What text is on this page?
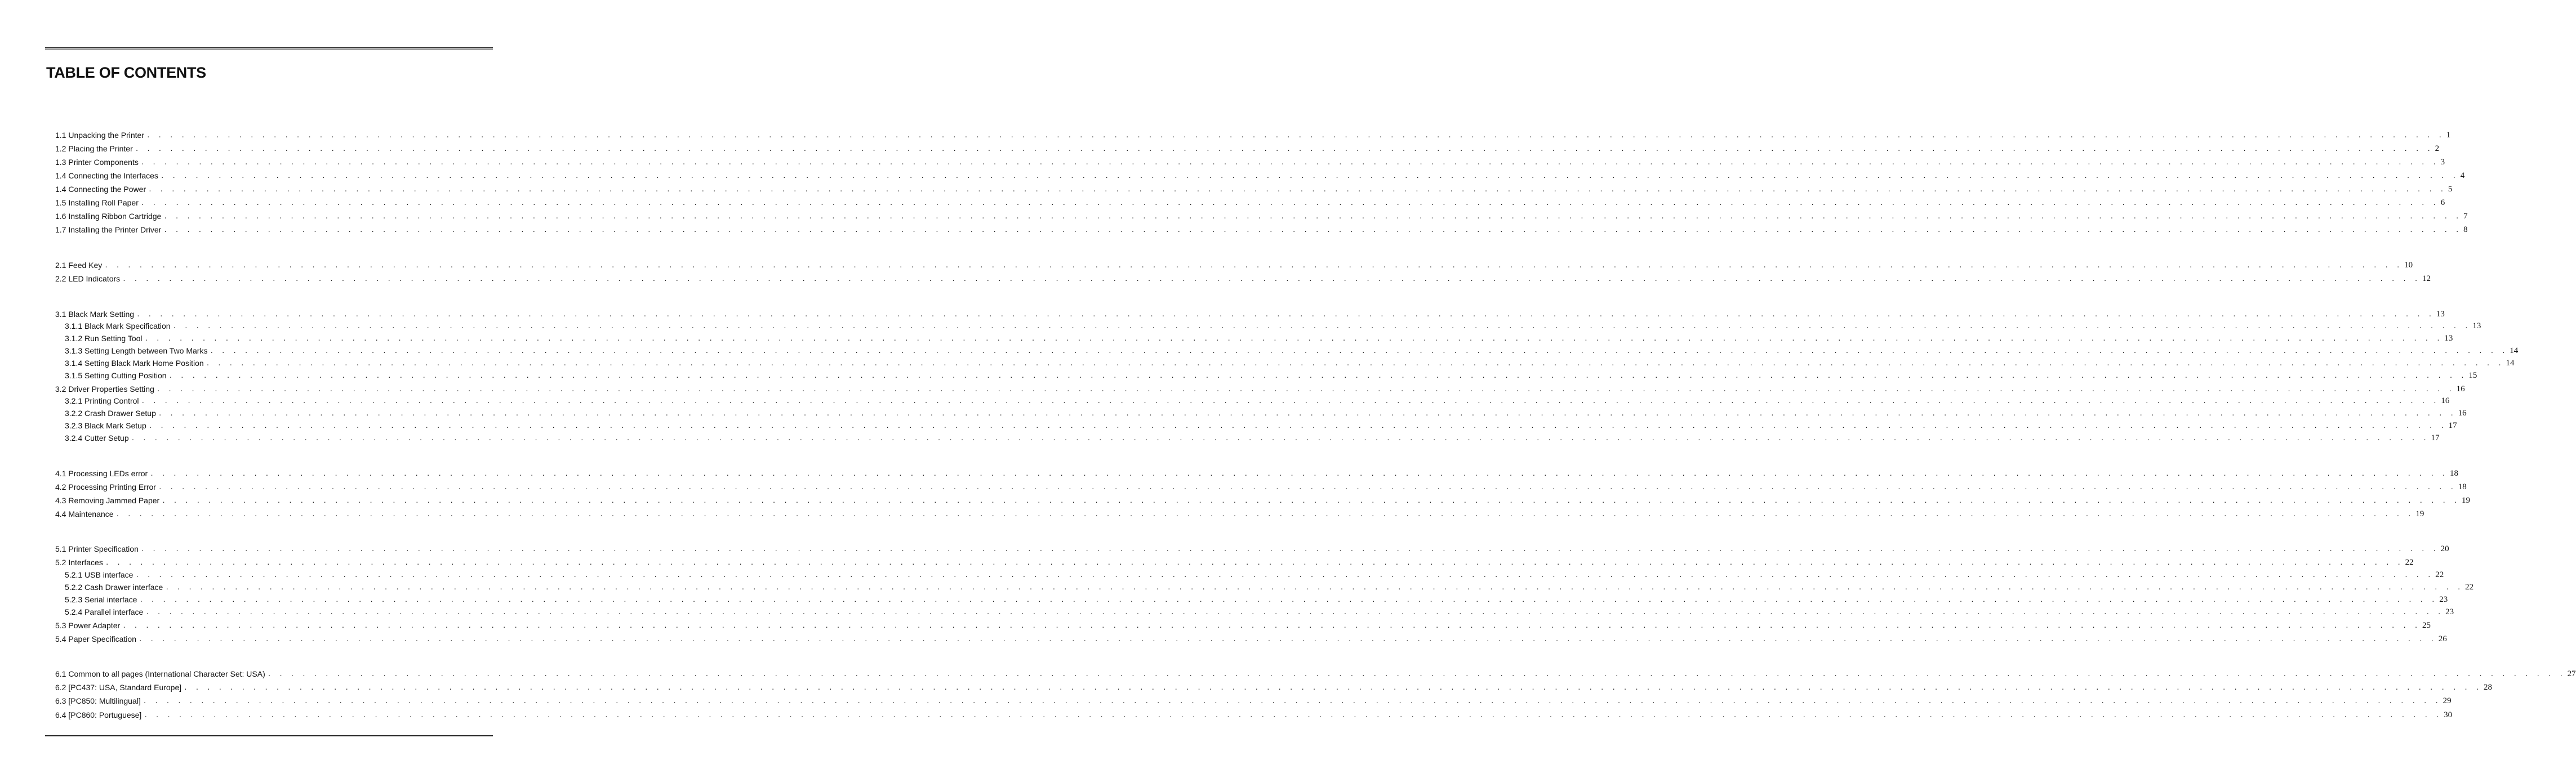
TABLE OF CONTENTS
1.1 Unpacking the Printer . . . . . . . . . . . . . . . . . . . . . . . . . . . . . . . . . . . . . . . . . . . . . . . . . . . . . . . . . . . . . . . . . . . . . . . . . . . . . . . . . . . . . . . . . . . . . . . . . . . . . . . . . . . . . . . . . . . . . . . . . . . . . . . . . . . . . . . . . . . . . . . . . . . . . . . . . . . . . . . . . . . . . . . . . . . . . . . . . . . . . . . . . . . . . . . . . . . . . . . . 1
1.2 Placing the Printer . . . . . . . . . . . . . . . . . . . . . . . . . . . . . . . . . . . . . . . . . . . . . . . . . . . . . . . . . . . . . . . . . . . . . . . . . . . . . . . . . . . . . . . . . . . . . . . . . . . . . . . . . . . . . . . . . . . . . . . . . . . . . . . . . . . . . . . . . . . . . . . . . . . . . . . . . . . . . . . . . . . . . . . . . . . . . . . . . . . . . . . . . . . . . . . . . . . . . . . . 2
1.3 Printer Components . . . . . . . . . . . . . . . . . . . . . . . . . . . . . . . . . . . . . . . . . . . . . . . . . . . . . . . . . . . . . . . . . . . . . . . . . . . . . . . . . . . . . . . . . . . . . . . . . . . . . . . . . . . . . . . . . . . . . . . . . . . . . . . . . . . . . . . . . . . . . . . . . . . . . . . . . . . . . . . . . . . . . . . . . . . . . . . . . . . . . . . . . . . . . . . . . . . . . . . . 3
1.4 Connecting the Interfaces . . . . . . . . . . . . . . . . . . . . . . . . . . . . . . . . . . . . . . . . . . . . . . . . . . . . . . . . . . . . . . . . . . . . . . . . . . . . . . . . . . . . . . . . . . . . . . . . . . . . . . . . . . . . . . . . . . . . . . . . . . . . . . . . . . . . . . . . . . . . . . . . . . . . . . . . . . . . . . . . . . . . . . . . . . . . . . . . . . . . . . . . . . . . . . . . . . . . . . . . 4
1.4 Connecting the Power . . . . . . . . . . . . . . . . . . . . . . . . . . . . . . . . . . . . . . . . . . . . . . . . . . . . . . . . . . . . . . . . . . . . . . . . . . . . . . . . . . . . . . . . . . . . . . . . . . . . . . . . . . . . . . . . . . . . . . . . . . . . . . . . . . . . . . . . . . . . . . . . . . . . . . . . . . . . . . . . . . . . . . . . . . . . . . . . . . . . . . . . . . . . . . . . . . . . . . . . 5
1.5 Installing Roll Paper . . . . . . . . . . . . . . . . . . . . . . . . . . . . . . . . . . . . . . . . . . . . . . . . . . . . . . . . . . . . . . . . . . . . . . . . . . . . . . . . . . . . . . . . . . . . . . . . . . . . . . . . . . . . . . . . . . . . . . . . . . . . . . . . . . . . . . . . . . . . . . . . . . . . . . . . . . . . . . . . . . . . . . . . . . . . . . . . . . . . . . . . . . . . . . . . . . . . . . . . 6
1.6 Installing Ribbon Cartridge . . . . . . . . . . . . . . . . . . . . . . . . . . . . . . . . . . . . . . . . . . . . . . . . . . . . . . . . . . . . . . . . . . . . . . . . . . . . . . . . . . . . . . . . . . . . . . . . . . . . . . . . . . . . . . . . . . . . . . . . . . . . . . . . . . . . . . . . . . . . . . . . . . . . . . . . . . . . . . . . . . . . . . . . . . . . . . . . . . . . . . . . . . . . . . . . . . . . . . . . 7
1.7 Installing the Printer Driver . . . . . . . . . . . . . . . . . . . . . . . . . . . . . . . . . . . . . . . . . . . . . . . . . . . . . . . . . . . . . . . . . . . . . . . . . . . . . . . . . . . . . . . . . . . . . . . . . . . . . . . . . . . . . . . . . . . . . . . . . . . . . . . . . . . . . . . . . . . . . . . . . . . . . . . . . . . . . . . . . . . . . . . . . . . . . . . . . . . . . . . . . . . . . . . . . . . . . . . . 8
2.1 Feed Key . . . . . . . . . . . . . . . . . . . . . . . . . . . . . . . . . . . . . . . . . . . . . . . . . . . . . . . . . . . . . . . . . . . . . . . . . . . . . . . . . . . . . . . . . . . . . . . . . . . . . . . . . . . . . . . . . . . . . . . . . . . . . . . . . . . . . . . . . . . . . . . . . . . . . . . . . . . . . . . . . . . . . . . . . . . . . . . . . . . . . . . . . . . . . . . . . . . . . . . . 10
2.2 LED Indicators . . . . . . . . . . . . . . . . . . . . . . . . . . . . . . . . . . . . . . . . . . . . . . . . . . . . . . . . . . . . . . . . . . . . . . . . . . . . . . . . . . . . . . . . . . . . . . . . . . . . . . . . . . . . . . . . . . . . . . . . . . . . . . . . . . . . . . . . . . . . . . . . . . . . . . . . . . . . . . . . . . . . . . . . . . . . . . . . . . . . . . . . . . . . . . . . . . . . . . . . 12
3.1 Black Mark Setting . . . . . . . . . . . . . . . . . . . . . . . . . . . . . . . . . . . . . . . . . . . . . . . . . . . . . . . . . . . . . . . . . . . . . . . . . . . . . . . . . . . . . . . . . . . . . . . . . . . . . . . . . . . . . . . . . . . . . . . . . . . . . . . . . . . . . . . . . . . . . . . . . . . . . . . . . . . . . . . . . . . . . . . . . . . . . . . . . . . . . . . . . . . . . . . . . . . . . . . . 13
3.1.1 Black Mark Specification . . . . . . . . . . . . . . . . . . . . . . . . . . . . . . . . . . . . . . . . . . . . . . . . . . . . . . . . . . . . . . . . . . . . . . . . . . . . . . . . . . . . . . . . . . . . . . . . . . . . . . . . . . . . . . . . . . . . . . . . . . . . . . . . . . . . . . . . . . . . . . . . . . . . . . . . . . . . . . . . . . . . . . . . . . . . . . . . . . . . . . . . . . . . . . . . . . . . . . . . 13
3.1.2 Run Setting Tool . . . . . . . . . . . . . . . . . . . . . . . . . . . . . . . . . . . . . . . . . . . . . . . . . . . . . . . . . . . . . . . . . . . . . . . . . . . . . . . . . . . . . . . . . . . . . . . . . . . . . . . . . . . . . . . . . . . . . . . . . . . . . . . . . . . . . . . . . . . . . . . . . . . . . . . . . . . . . . . . . . . . . . . . . . . . . . . . . . . . . . . . . . . . . . . . . . . . . . . . 13
3.1.3 Setting Length between Two Marks . . . . . . . . . . . . . . . . . . . . . . . . . . . . . . . . . . . . . . . . . . . . . . . . . . . . . . . . . . . . . . . . . . . . . . . . . . . . . . . . . . . . . . . . . . . . . . . . . . . . . . . . . . . . . . . . . . . . . . . . . . . . . . . . . . . . . . . . . . . . . . . . . . . . . . . . . . . . . . . . . . . . . . . . . . . . . . . . . . . . . . . . . . . . . . . . . . . . . . . . 14
3.1.4 Setting Black Mark Home Position . . . . . . . . . . . . . . . . . . . . . . . . . . . . . . . . . . . . . . . . . . . . . . . . . . . . . . . . . . . . . . . . . . . . . . . . . . . . . . . . . . . . . . . . . . . . . . . . . . . . . . . . . . . . . . . . . . . . . . . . . . . . . . . . . . . . . . . . . . . . . . . . . . . . . . . . . . . . . . . . . . . . . . . . . . . . . . . . . . . . . . . . . . . . . . . . . . . . . . . . 14
3.1.5 Setting Cutting Position . . . . . . . . . . . . . . . . . . . . . . . . . . . . . . . . . . . . . . . . . . . . . . . . . . . . . . . . . . . . . . . . . . . . . . . . . . . . . . . . . . . . . . . . . . . . . . . . . . . . . . . . . . . . . . . . . . . . . . . . . . . . . . . . . . . . . . . . . . . . . . . . . . . . . . . . . . . . . . . . . . . . . . . . . . . . . . . . . . . . . . . . . . . . . . . . . . . . . . . . 15
3.2 Driver Properties Setting . . . . . . . . . . . . . . . . . . . . . . . . . . . . . . . . . . . . . . . . . . . . . . . . . . . . . . . . . . . . . . . . . . . . . . . . . . . . . . . . . . . . . . . . . . . . . . . . . . . . . . . . . . . . . . . . . . . . . . . . . . . . . . . . . . . . . . . . . . . . . . . . . . . . . . . . . . . . . . . . . . . . . . . . . . . . . . . . . . . . . . . . . . . . . . . . . . . . . . . . 16
3.2.1 Printing Control . . . . . . . . . . . . . . . . . . . . . . . . . . . . . . . . . . . . . . . . . . . . . . . . . . . . . . . . . . . . . . . . . . . . . . . . . . . . . . . . . . . . . . . . . . . . . . . . . . . . . . . . . . . . . . . . . . . . . . . . . . . . . . . . . . . . . . . . . . . . . . . . . . . . . . . . . . . . . . . . . . . . . . . . . . . . . . . . . . . . . . . . . . . . . . . . . . . . . . . . 16
3.2.2 Crash Drawer Setup . . . . . . . . . . . . . . . . . . . . . . . . . . . . . . . . . . . . . . . . . . . . . . . . . . . . . . . . . . . . . . . . . . . . . . . . . . . . . . . . . . . . . . . . . . . . . . . . . . . . . . . . . . . . . . . . . . . . . . . . . . . . . . . . . . . . . . . . . . . . . . . . . . . . . . . . . . . . . . . . . . . . . . . . . . . . . . . . . . . . . . . . . . . . . . . . . . . . . . . . 16
3.2.3 Black Mark Setup . . . . . . . . . . . . . . . . . . . . . . . . . . . . . . . . . . . . . . . . . . . . . . . . . . . . . . . . . . . . . . . . . . . . . . . . . . . . . . . . . . . . . . . . . . . . . . . . . . . . . . . . . . . . . . . . . . . . . . . . . . . . . . . . . . . . . . . . . . . . . . . . . . . . . . . . . . . . . . . . . . . . . . . . . . . . . . . . . . . . . . . . . . . . . . . . . . . . . . . . 17
3.2.4 Cutter Setup . . . . . . . . . . . . . . . . . . . . . . . . . . . . . . . . . . . . . . . . . . . . . . . . . . . . . . . . . . . . . . . . . . . . . . . . . . . . . . . . . . . . . . . . . . . . . . . . . . . . . . . . . . . . . . . . . . . . . . . . . . . . . . . . . . . . . . . . . . . . . . . . . . . . . . . . . . . . . . . . . . . . . . . . . . . . . . . . . . . . . . . . . . . . . . . . . . . . . . . . 17
4.1 Processing LEDs error . . . . . . . . . . . . . . . . . . . . . . . . . . . . . . . . . . . . . . . . . . . . . . . . . . . . . . . . . . . . . . . . . . . . . . . . . . . . . . . . . . . . . . . . . . . . . . . . . . . . . . . . . . . . . . . . . . . . . . . . . . . . . . . . . . . . . . . . . . . . . . . . . . . . . . . . . . . . . . . . . . . . . . . . . . . . . . . . . . . . . . . . . . . . . . . . . . . . . . . . 18
4.2 Processing Printing Error . . . . . . . . . . . . . . . . . . . . . . . . . . . . . . . . . . . . . . . . . . . . . . . . . . . . . . . . . . . . . . . . . . . . . . . . . . . . . . . . . . . . . . . . . . . . . . . . . . . . . . . . . . . . . . . . . . . . . . . . . . . . . . . . . . . . . . . . . . . . . . . . . . . . . . . . . . . . . . . . . . . . . . . . . . . . . . . . . . . . . . . . . . . . . . . . . . . . . . . . 18
4.3 Removing Jammed Paper . . . . . . . . . . . . . . . . . . . . . . . . . . . . . . . . . . . . . . . . . . . . . . . . . . . . . . . . . . . . . . . . . . . . . . . . . . . . . . . . . . . . . . . . . . . . . . . . . . . . . . . . . . . . . . . . . . . . . . . . . . . . . . . . . . . . . . . . . . . . . . . . . . . . . . . . . . . . . . . . . . . . . . . . . . . . . . . . . . . . . . . . . . . . . . . . . . . . . . . . 19
4.4 Maintenance . . . . . . . . . . . . . . . . . . . . . . . . . . . . . . . . . . . . . . . . . . . . . . . . . . . . . . . . . . . . . . . . . . . . . . . . . . . . . . . . . . . . . . . . . . . . . . . . . . . . . . . . . . . . . . . . . . . . . . . . . . . . . . . . . . . . . . . . . . . . . . . . . . . . . . . . . . . . . . . . . . . . . . . . . . . . . . . . . . . . . . . . . . . . . . . . . . . . . . . . 19
5.1 Printer Specification . . . . . . . . . . . . . . . . . . . . . . . . . . . . . . . . . . . . . . . . . . . . . . . . . . . . . . . . . . . . . . . . . . . . . . . . . . . . . . . . . . . . . . . . . . . . . . . . . . . . . . . . . . . . . . . . . . . . . . . . . . . . . . . . . . . . . . . . . . . . . . . . . . . . . . . . . . . . . . . . . . . . . . . . . . . . . . . . . . . . . . . . . . . . . . . . . . . . . . . . 20
5.2 Interfaces . . . . . . . . . . . . . . . . . . . . . . . . . . . . . . . . . . . . . . . . . . . . . . . . . . . . . . . . . . . . . . . . . . . . . . . . . . . . . . . . . . . . . . . . . . . . . . . . . . . . . . . . . . . . . . . . . . . . . . . . . . . . . . . . . . . . . . . . . . . . . . . . . . . . . . . . . . . . . . . . . . . . . . . . . . . . . . . . . . . . . . . . . . . . . . . . . . . . . . . . 22
5.2.1 USB interface . . . . . . . . . . . . . . . . . . . . . . . . . . . . . . . . . . . . . . . . . . . . . . . . . . . . . . . . . . . . . . . . . . . . . . . . . . . . . . . . . . . . . . . . . . . . . . . . . . . . . . . . . . . . . . . . . . . . . . . . . . . . . . . . . . . . . . . . . . . . . . . . . . . . . . . . . . . . . . . . . . . . . . . . . . . . . . . . . . . . . . . . . . . . . . . . . . . . . . . . 22
5.2.2 Cash Drawer interface . . . . . . . . . . . . . . . . . . . . . . . . . . . . . . . . . . . . . . . . . . . . . . . . . . . . . . . . . . . . . . . . . . . . . . . . . . . . . . . . . . . . . . . . . . . . . . . . . . . . . . . . . . . . . . . . . . . . . . . . . . . . . . . . . . . . . . . . . . . . . . . . . . . . . . . . . . . . . . . . . . . . . . . . . . . . . . . . . . . . . . . . . . . . . . . . . . . . . . . . 22
5.2.3 Serial interface . . . . . . . . . . . . . . . . . . . . . . . . . . . . . . . . . . . . . . . . . . . . . . . . . . . . . . . . . . . . . . . . . . . . . . . . . . . . . . . . . . . . . . . . . . . . . . . . . . . . . . . . . . . . . . . . . . . . . . . . . . . . . . . . . . . . . . . . . . . . . . . . . . . . . . . . . . . . . . . . . . . . . . . . . . . . . . . . . . . . . . . . . . . . . . . . . . . . . . . . 23
5.2.4 Parallel interface . . . . . . . . . . . . . . . . . . . . . . . . . . . . . . . . . . . . . . . . . . . . . . . . . . . . . . . . . . . . . . . . . . . . . . . . . . . . . . . . . . . . . . . . . . . . . . . . . . . . . . . . . . . . . . . . . . . . . . . . . . . . . . . . . . . . . . . . . . . . . . . . . . . . . . . . . . . . . . . . . . . . . . . . . . . . . . . . . . . . . . . . . . . . . . . . . . . . . . . . 23
5.3 Power Adapter . . . . . . . . . . . . . . . . . . . . . . . . . . . . . . . . . . . . . . . . . . . . . . . . . . . . . . . . . . . . . . . . . . . . . . . . . . . . . . . . . . . . . . . . . . . . . . . . . . . . . . . . . . . . . . . . . . . . . . . . . . . . . . . . . . . . . . . . . . . . . . . . . . . . . . . . . . . . . . . . . . . . . . . . . . . . . . . . . . . . . . . . . . . . . . . . . . . . . . . . 25
5.4 Paper Specification . . . . . . . . . . . . . . . . . . . . . . . . . . . . . . . . . . . . . . . . . . . . . . . . . . . . . . . . . . . . . . . . . . . . . . . . . . . . . . . . . . . . . . . . . . . . . . . . . . . . . . . . . . . . . . . . . . . . . . . . . . . . . . . . . . . . . . . . . . . . . . . . . . . . . . . . . . . . . . . . . . . . . . . . . . . . . . . . . . . . . . . . . . . . . . . . . . . . . . . . 26
6.1 Common to all pages (International Character Set: USA) . . . . . . . . . . . . . . . . . . . . . . . . . . . . . . . . . . . . . . . . . . . . . . . . . . . . . . . . . . . . . . . . . . . . . . . . . . . . . . . . . . . . . . . . . . . . . . . . . . . . . . . . . . . . . . . . . . . . . . . . . . . . . . . . . . . . . . . . . . . . . . . . . . . . . . . . . . . . . . . . . . . . . . . . . . . . . . . . . . . . . . . . . . . . . . . . . . . . . . . . 27
6.2 [PC437: USA, Standard Europe] . . . . . . . . . . . . . . . . . . . . . . . . . . . . . . . . . . . . . . . . . . . . . . . . . . . . . . . . . . . . . . . . . . . . . . . . . . . . . . . . . . . . . . . . . . . . . . . . . . . . . . . . . . . . . . . . . . . . . . . . . . . . . . . . . . . . . . . . . . . . . . . . . . . . . . . . . . . . . . . . . . . . . . . . . . . . . . . . . . . . . . . . . . . . . . . . . . . . . . . . 28
6.3 [PC850: Multilingual] . . . . . . . . . . . . . . . . . . . . . . . . . . . . . . . . . . . . . . . . . . . . . . . . . . . . . . . . . . . . . . . . . . . . . . . . . . . . . . . . . . . . . . . . . . . . . . . . . . . . . . . . . . . . . . . . . . . . . . . . . . . . . . . . . . . . . . . . . . . . . . . . . . . . . . . . . . . . . . . . . . . . . . . . . . . . . . . . . . . . . . . . . . . . . . . . . . . . . . . . 29
6.4 [PC860: Portuguese] . . . . . . . . . . . . . . . . . . . . . . . . . . . . . . . . . . . . . . . . . . . . . . . . . . . . . . . . . . . . . . . . . . . . . . . . . . . . . . . . . . . . . . . . . . . . . . . . . . . . . . . . . . . . . . . . . . . . . . . . . . . . . . . . . . . . . . . . . . . . . . . . . . . . . . . . . . . . . . . . . . . . . . . . . . . . . . . . . . . . . . . . . . . . . . . . . . . . . . . . 30
